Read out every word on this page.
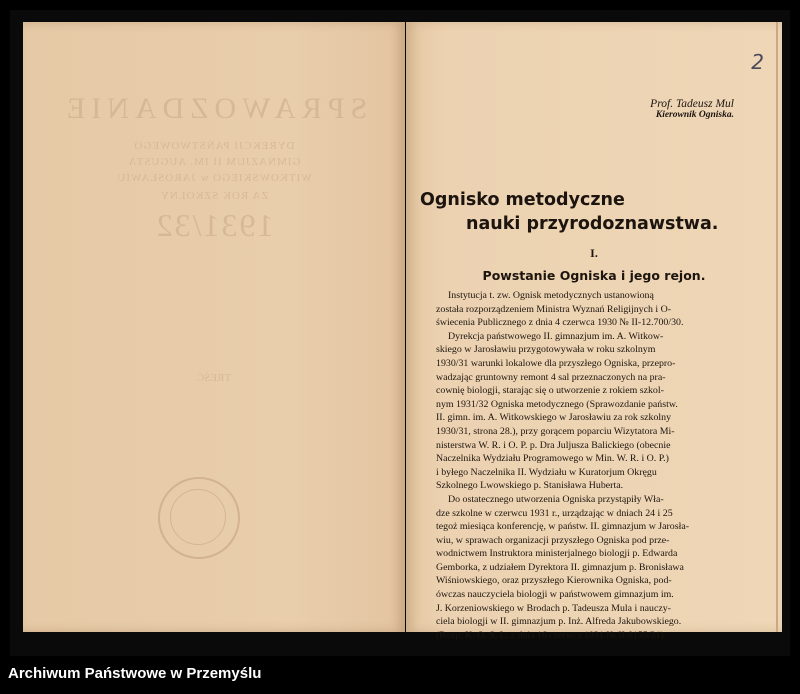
SPRAWOZDANIE
DYREKCJI PAŃSTWOWEGO
GIMNAZJUM II IM. AUGUSTA
WITKOWSKIEGO w JAROSŁAWIU
ZA ROK SZKOLNY
1931/32
TREŚĆ
2
Prof. Tadeusz Mul
Kierownik Ogniska.
Ognisko metodyczne
nauki przyrodoznawstwa.
I.
Powstanie Ogniska i jego rejon.
Instytucja t. zw. Ognisk metodycznych ustanowioną
została rozporządzeniem Ministra Wyznań Religijnych i O-
świecenia Publicznego z dnia 4 czerwca 1930 № II-12.700/30.
Dyrekcja państwowego II. gimnazjum im. A. Witkow-
skiego w Jarosławiu przygotowywała w roku szkolnym
1930/31 warunki lokalowe dla przyszłego Ogniska, przepro-
wadzając gruntowny remont 4 sal przeznaczonych na pra-
cownię biologji, starając się o utworzenie z rokiem szkol-
nym 1931/32 Ogniska metodycznego (Sprawozdanie państw.
II. gimn. im. A. Witkowskiego w Jarosławiu za rok szkolny
1930/31, strona 28.), przy gorącem poparciu Wizytatora Mi-
nisterstwa W. R. i O. P. p. Dra Juljusza Balickiego (obecnie
Naczelnika Wydziału Programowego w Min. W. R. i O. P.)
i byłego Naczelnika II. Wydziału w Kuratorjum Okręgu
Szkolnego Lwowskiego p. Stanisława Huberta.
Do ostatecznego utworzenia Ogniska przystąpiły Wła-
dze szkolne w czerwcu 1931 r., urządzając w dniach 24 i 25
tegoż miesiąca konferencję, w państw. II. gimnazjum w Jarosła-
wiu, w sprawach organizacji przyszłego Ogniska pod prze-
wodnictwem Instruktora ministerjalnego biologji p. Edwarda
Gemborka, z udziałem Dyrektora II. gimnazjum p. Bronisława
Wiśniowskiego, oraz przyszłego Kierownika Ogniska, pod-
ówczas nauczyciela biologji w państwowem gimnazjum im.
J. Korzeniowskiego w Brodach p. Tadeusza Mula i nauczy-
ciela biologji w II. gimnazjum p. Inż. Alfreda Jakubowskiego.
(Rozp. K. O. S. L. z dnia 16 czerwca 1931 № II-8155/31).
Archiwum Państwowe w Przemyślu
